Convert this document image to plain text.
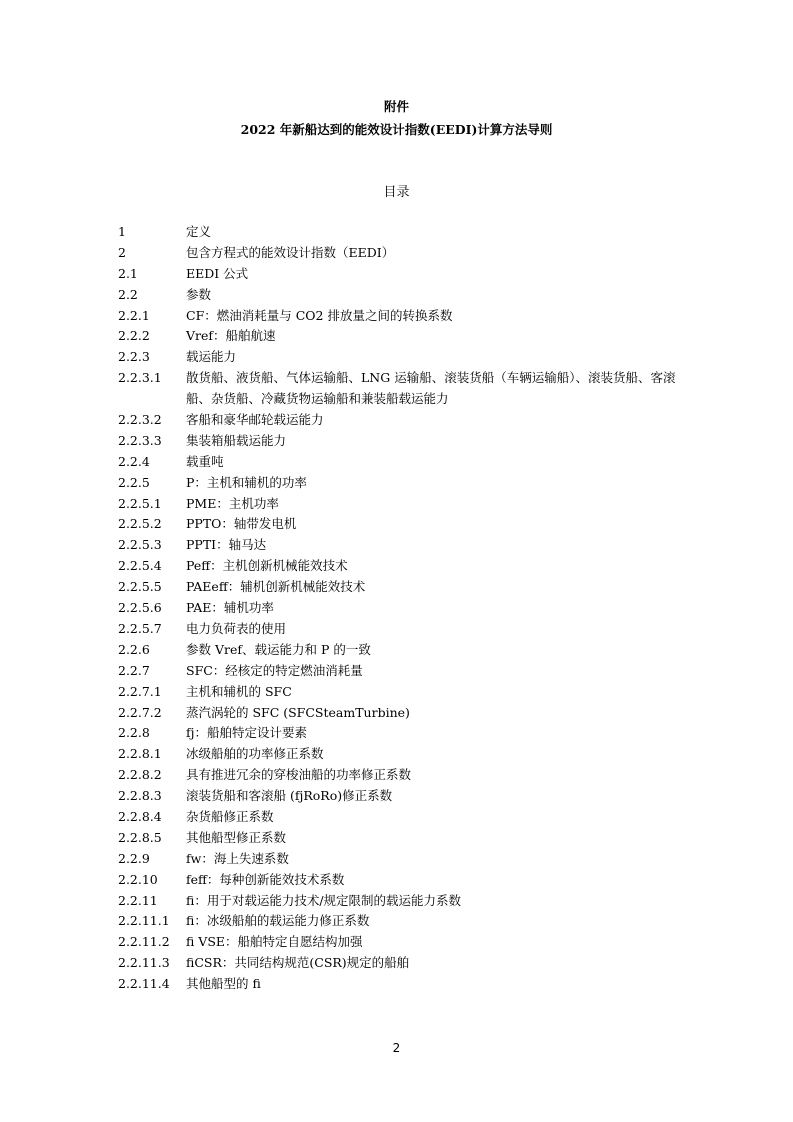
附件
2022 年新船达到的能效设计指数(EEDI)计算方法导则
目录
1	定义
2	包含方程式的能效设计指数（EEDI）
2.1	EEDI 公式
2.2	参数
2.2.1	CF：燃油消耗量与 CO2 排放量之间的转换系数
2.2.2	Vref：船舶航速
2.2.3	载运能力
2.2.3.1	散货船、液货船、气体运输船、LNG 运输船、滚装货船（车辆运输船）、滚装货船、客滚船、杂货船、冷藏货物运输船和兼装船载运能力
2.2.3.2	客船和豪华邮轮载运能力
2.2.3.3	集装箱船载运能力
2.2.4	载重吨
2.2.5	P：主机和辅机的功率
2.2.5.1	PME：主机功率
2.2.5.2	PPTO：轴带发电机
2.2.5.3	PPTI：轴马达
2.2.5.4	Peff：主机创新机械能效技术
2.2.5.5	PAEeff：辅机创新机械能效技术
2.2.5.6	PAE：辅机功率
2.2.5.7	电力负荷表的使用
2.2.6	参数 Vref、载运能力和 P 的一致
2.2.7	SFC：经核定的特定燃油消耗量
2.2.7.1	主机和辅机的 SFC
2.2.7.2	蒸汽涡轮的 SFC (SFCSteamTurbine)
2.2.8	fj：船舶特定设计要素
2.2.8.1	冰级船舶的功率修正系数
2.2.8.2	具有推进冗余的穿梭油船的功率修正系数
2.2.8.3	滚装货船和客滚船 (fjRoRo)修正系数
2.2.8.4	杂货船修正系数
2.2.8.5	其他船型修正系数
2.2.9	fw：海上失速系数
2.2.10	feff：每种创新能效技术系数
2.2.11	fi：用于对载运能力技术/规定限制的载运能力系数
2.2.11.1	fi：冰级船舶的载运能力修正系数
2.2.11.2	fi VSE：船舶特定自愿结构加强
2.2.11.3	fiCSR：共同结构规范(CSR)规定的船舶
2.2.11.4	其他船型的 fi
2
